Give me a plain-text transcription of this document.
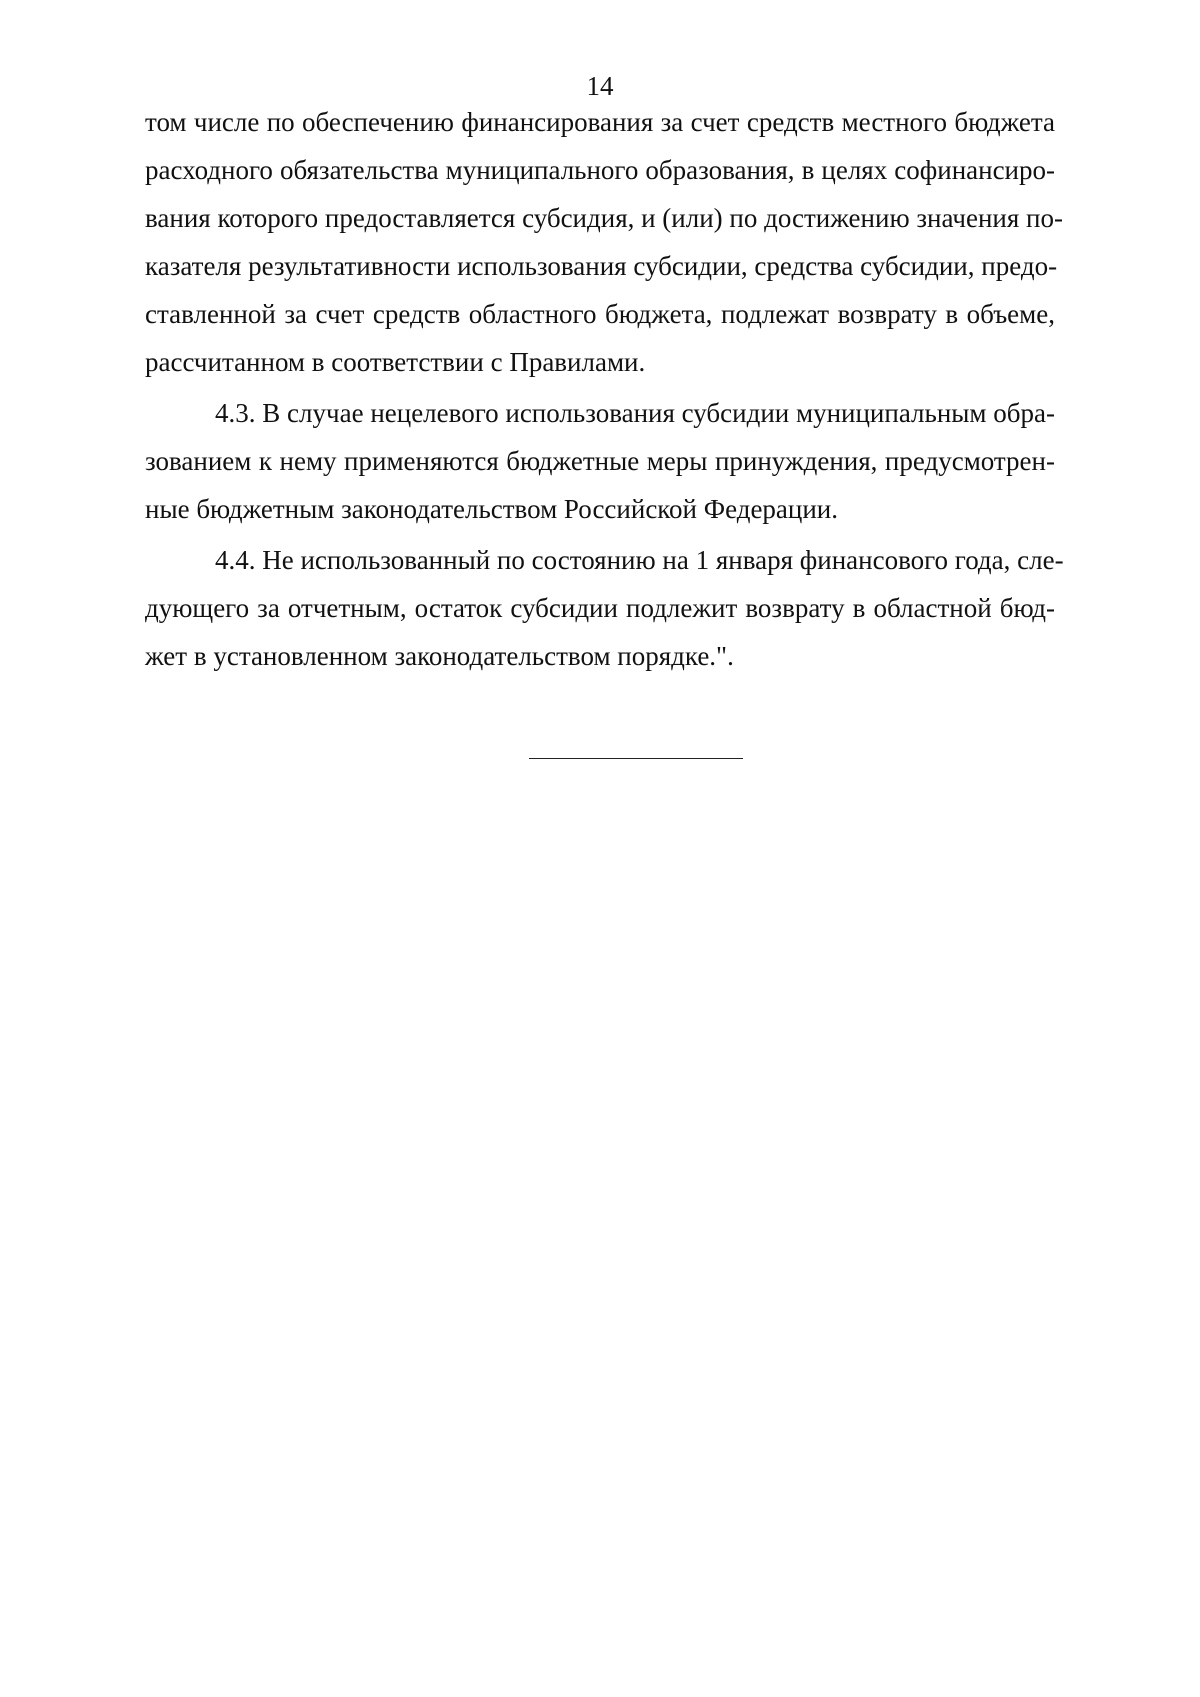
14
том числе по обеспечению финансирования за счет средств местного бюджета
расходного обязательства муниципального образования, в целях софинансиро-
вания которого предоставляется субсидия, и (или) по достижению значения по-
казателя результативности использования субсидии, средства субсидии, предо-
ставленной за счет средств областного бюджета, подлежат возврату в объеме,
рассчитанном в соответствии с Правилами.
4.3. В случае нецелевого использования субсидии муниципальным обра-
зованием к нему применяются бюджетные меры принуждения, предусмотрен-
ные бюджетным законодательством Российской Федерации.
4.4. Не использованный по состоянию на 1 января финансового года, сле-
дующего за отчетным, остаток субсидии подлежит возврату в областной бюд-
жет в установленном законодательством порядке.".
